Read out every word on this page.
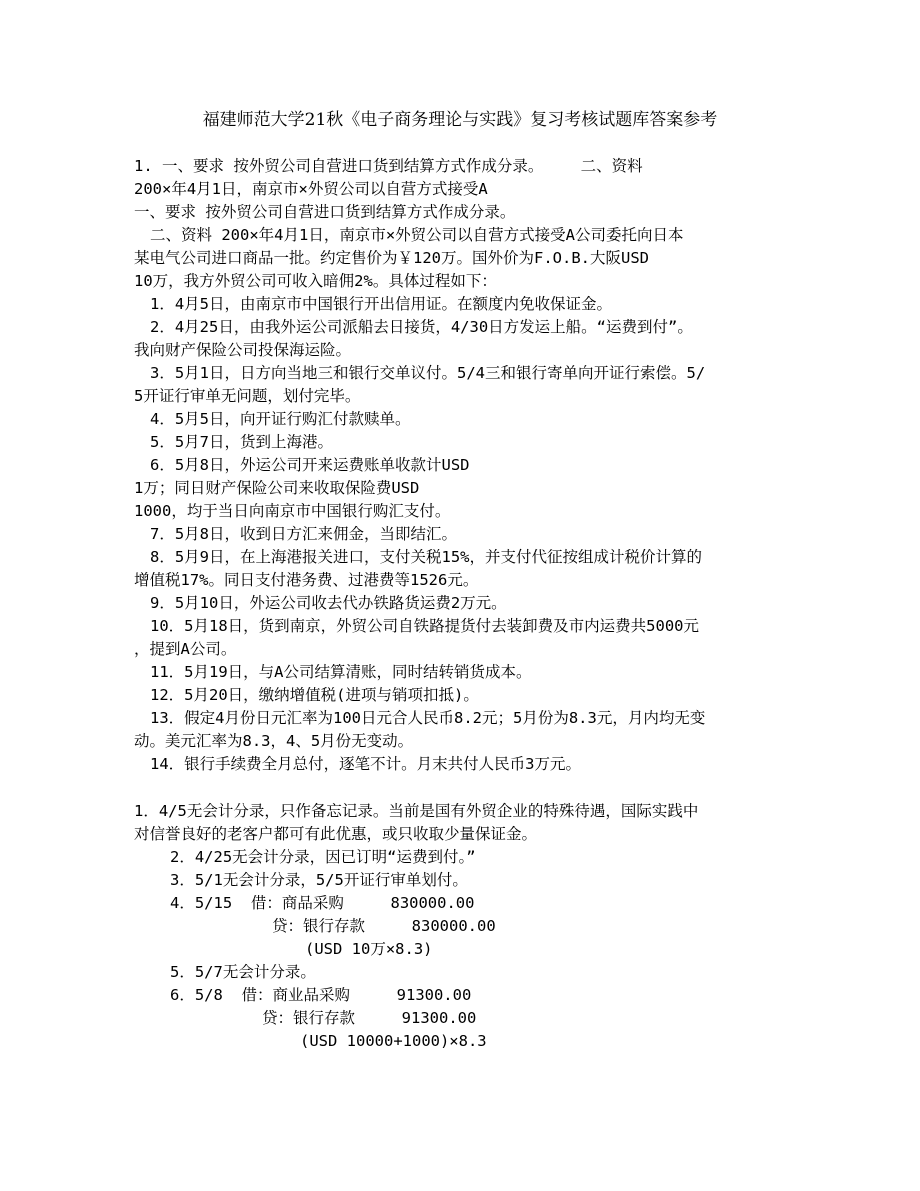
福建师范大学21秋《电子商务理论与实践》复习考核试题库答案参考
1. 一、要求 按外贸公司自营进口货到结算方式作成分录。    二、资料
200×年4月1日，南京市×外贸公司以自营方式接受A
一、要求 按外贸公司自营进口货到结算方式作成分录。
二、资料 200×年4月1日，南京市×外贸公司以自营方式接受A公司委托向日本
某电气公司进口商品一批。约定售价为￥120万。国外价为F.O.B.大阪USD
10万，我方外贸公司可收入暗佣2%。具体过程如下：
1．4月5日，由南京市中国银行开出信用证。在额度内免收保证金。
2．4月25日，由我外运公司派船去日接货，4/30日方发运上船。“运费到付”。
我向财产保险公司投保海运险。
3．5月1日，日方向当地三和银行交单议付。5/4三和银行寄单向开证行索偿。5/
5开证行审单无问题，划付完毕。
4．5月5日，向开证行购汇付款赎单。
5．5月7日，货到上海港。
6．5月8日，外运公司开来运费账单收款计USD
1万；同日财产保险公司来收取保险费USD
1000，均于当日向南京市中国银行购汇支付。
7．5月8日，收到日方汇来佣金，当即结汇。
8．5月9日，在上海港报关进口，支付关税15%，并支付代征按组成计税价计算的
增值税17%。同日支付港务费、过港费等1526元。
9．5月10日，外运公司收去代办铁路货运费2万元。
10．5月18日，货到南京，外贸公司自铁路提货付去装卸费及市内运费共5000元
，提到A公司。
11．5月19日，与A公司结算清账，同时结转销货成本。
12．5月20日，缴纳增值税(进项与销项扣抵)。
13．假定4月份日元汇率为100日元合人民币8.2元；5月份为8.3元，月内均无变
动。美元汇率为8.3，4、5月份无变动。
14．银行手续费全月总付，逐笔不计。月末共付人民币3万元。
1．4/5无会计分录，只作备忘记录。当前是国有外贸企业的特殊待遇，国际实践中
对信誉良好的老客户都可有此优惠，或只收取少量保证金。
2．4/25无会计分录，因已订明“运费到付。”
3．5/1无会计分录，5/5开证行审单划付。
4．5/15  借：商品采购     830000.00
贷：银行存款     830000.00
(USD 10万×8.3)
5．5/7无会计分录。
6．5/8  借：商业品采购     91300.00
贷：银行存款     91300.00
(USD 10000+1000)×8.3
